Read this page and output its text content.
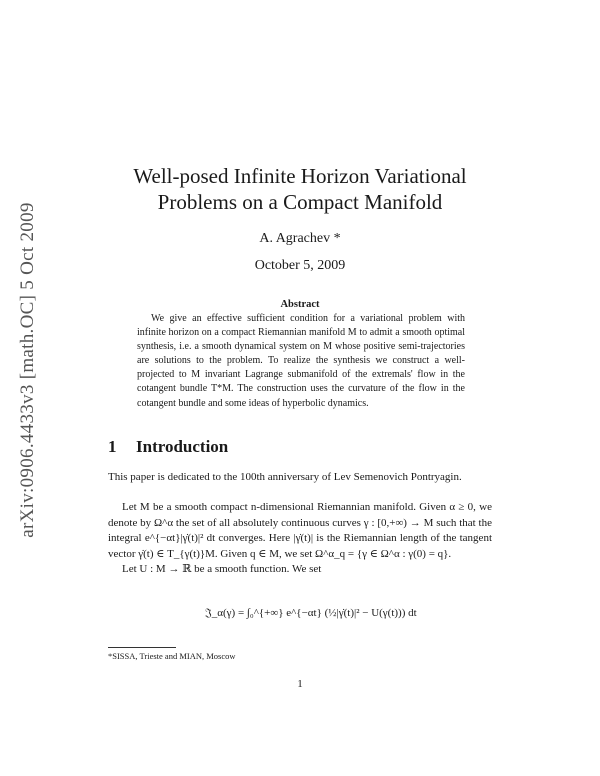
arXiv:0906.4433v3 [math.OC] 5 Oct 2009
Well-posed Infinite Horizon Variational
Problems on a Compact Manifold
A. Agrachev *
October 5, 2009
Abstract
We give an effective sufficient condition for a variational problem with infinite horizon on a compact Riemannian manifold M to admit a smooth optimal synthesis, i.e. a smooth dynamical system on M whose positive semi-trajectories are solutions to the problem. To realize the synthesis we construct a well-projected to M invariant Lagrange submanifold of the extremals' flow in the cotangent bundle T*M. The construction uses the curvature of the flow in the cotangent bundle and some ideas of hyperbolic dynamics.
1 Introduction
This paper is dedicated to the 100th anniversary of Lev Semenovich Pontryagin.
Let M be a smooth compact n-dimensional Riemannian manifold. Given α ≥ 0, we denote by Ω^α the set of all absolutely continuous curves γ : [0,+∞) → M such that the integral e^{−αt}|γ̇(t)|² dt converges. Here |γ̇(t)| is the Riemannian length of the tangent vector γ̇(t) ∈ T_{γ(t)}M. Given q ∈ M, we set Ω^α_q = {γ ∈ Ω^α : γ(0) = q}.
Let U : M → ℝ be a smooth function. We set
𝔍_α(γ) = ∫₀^{+∞} e^{−αt} (½|γ̇(t)|² − U(γ(t))) dt
*SISSA, Trieste and MIAN, Moscow
1
